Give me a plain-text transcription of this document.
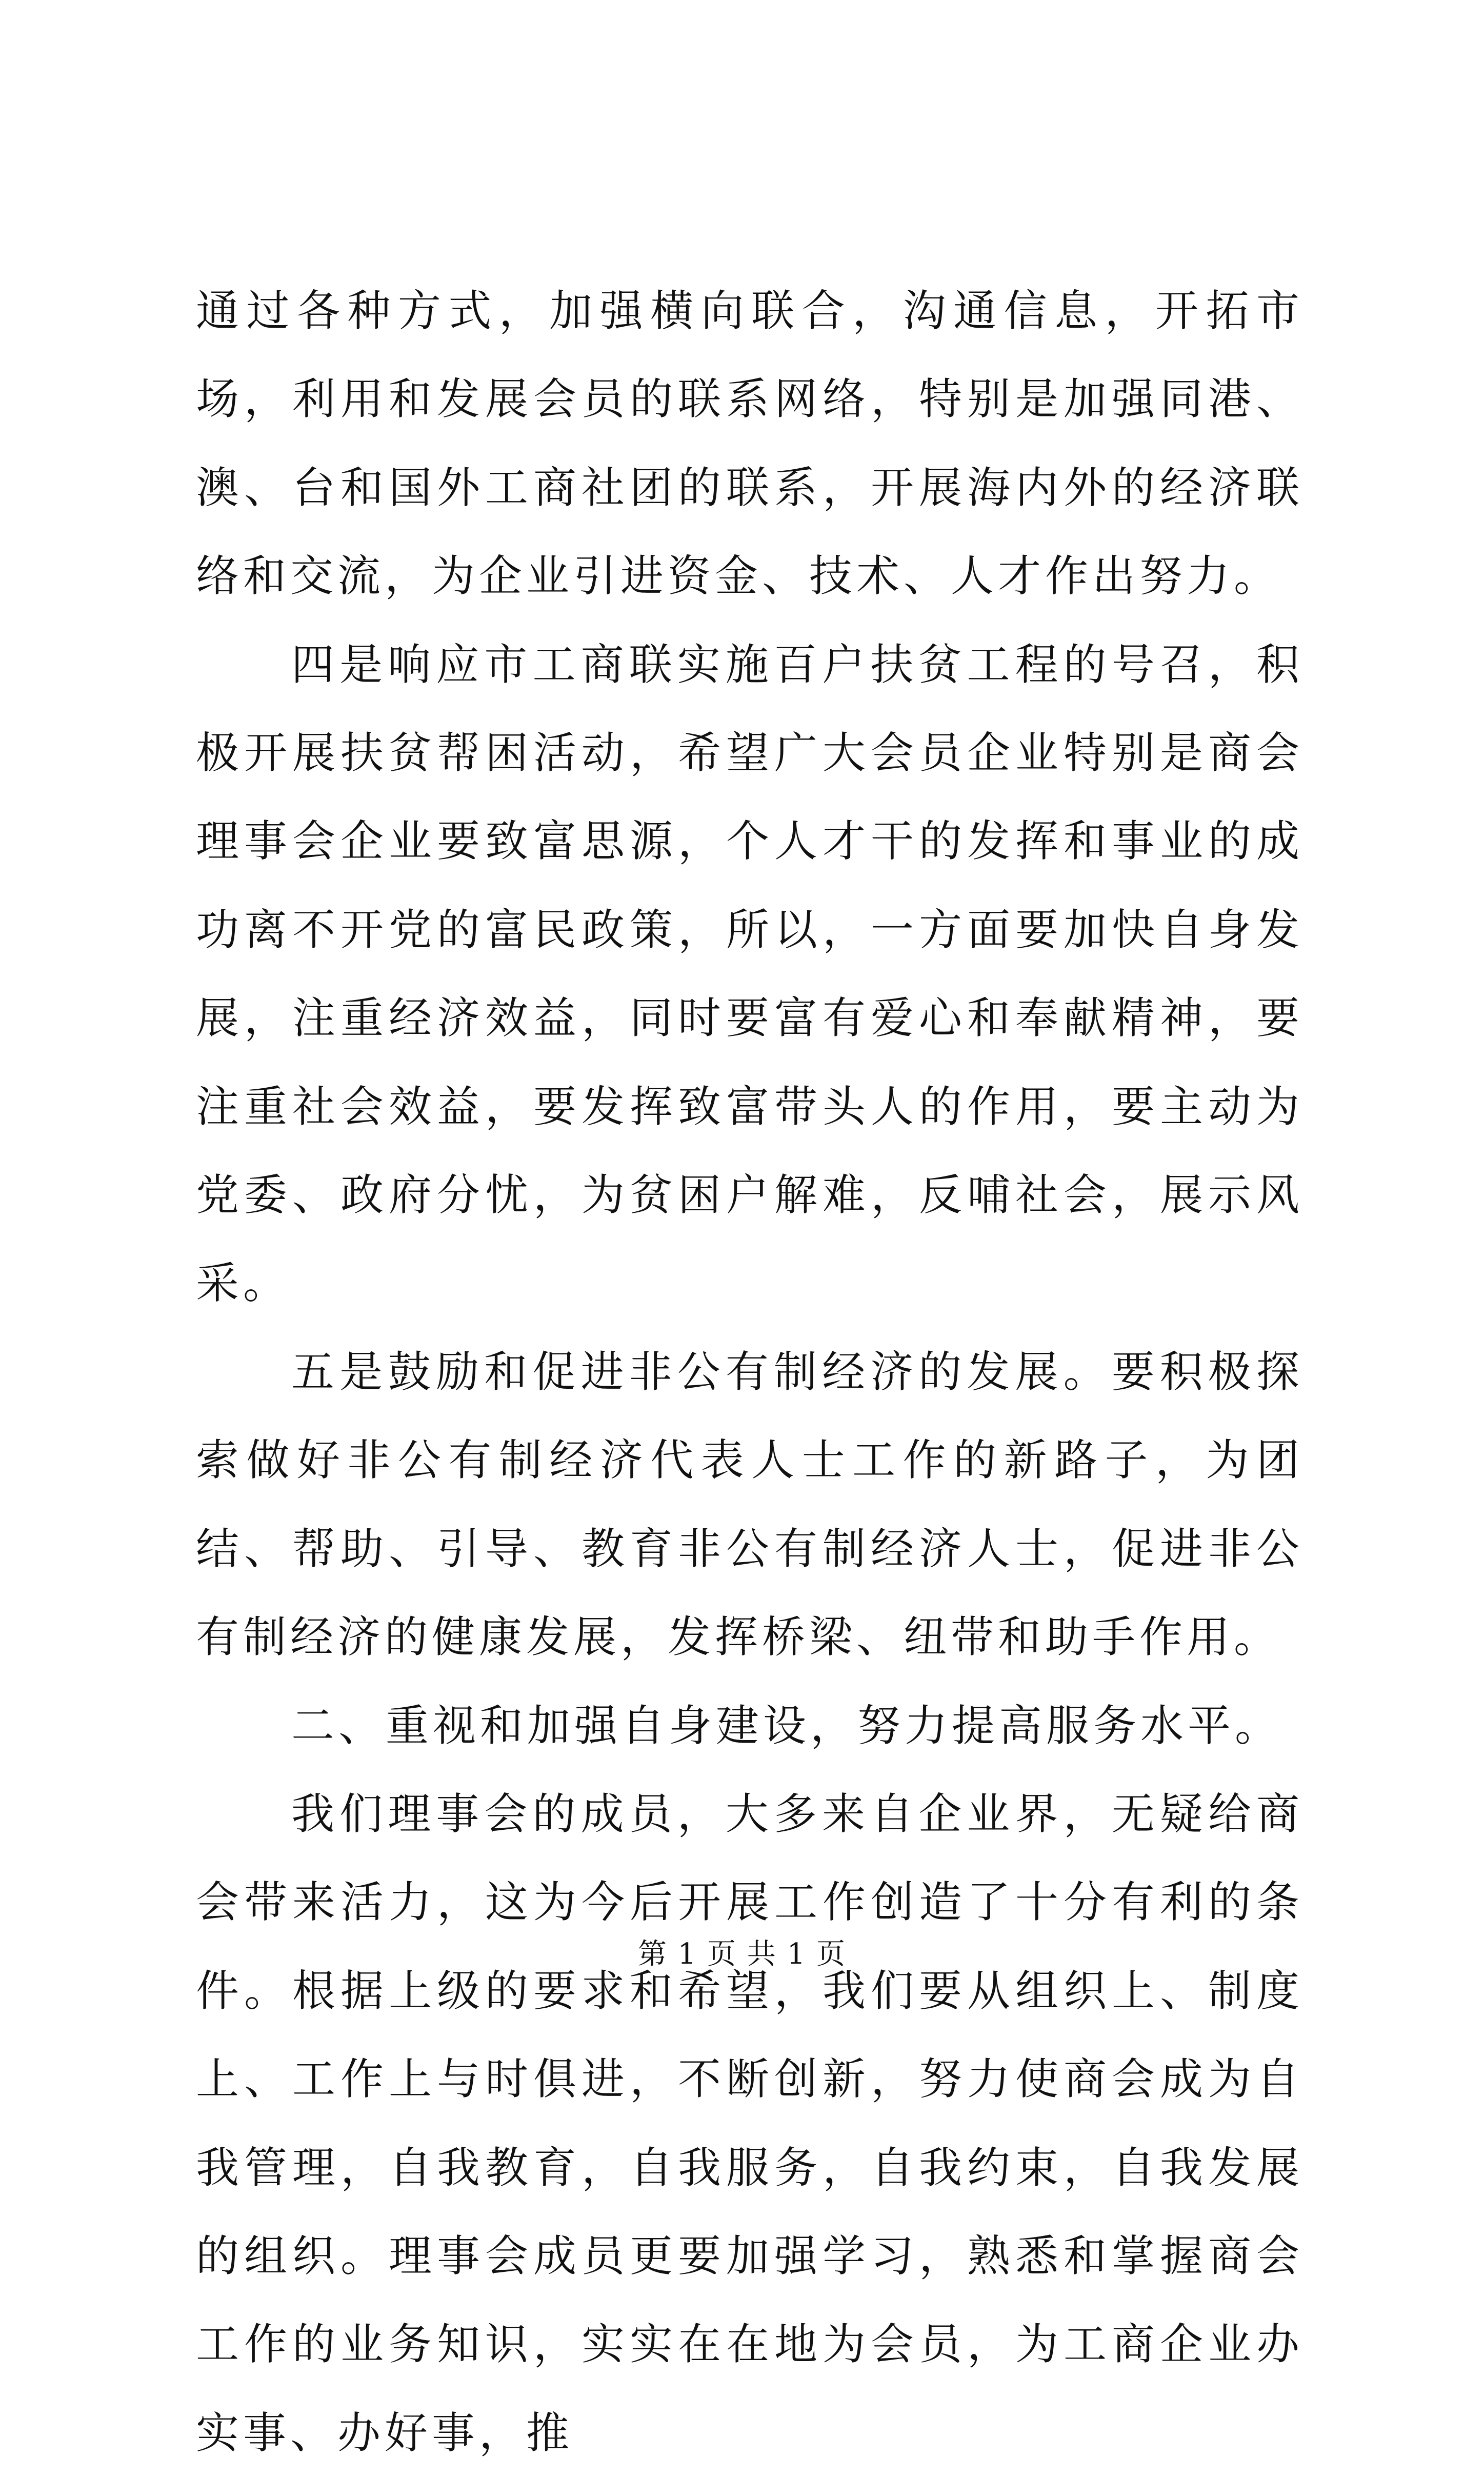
通过各种方式，加强横向联合，沟通信息，开拓市场，利用和发展会员的联系网络，特别是加强同港、澳、台和国外工商社团的联系，开展海内外的经济联络和交流，为企业引进资金、技术、人才作出努力。

四是响应市工商联实施百户扶贫工程的号召，积极开展扶贫帮困活动，希望广大会员企业特别是商会理事会企业要致富思源，个人才干的发挥和事业的成功离不开党的富民政策，所以，一方面要加快自身发展，注重经济效益，同时要富有爱心和奉献精神，要注重社会效益，要发挥致富带头人的作用，要主动为党委、政府分忧，为贫困户解难，反哺社会，展示风采。

五是鼓励和促进非公有制经济的发展。要积极探索做好非公有制经济代表人士工作的新路子，为团结、帮助、引导、教育非公有制经济人士，促进非公有制经济的健康发展，发挥桥梁、纽带和助手作用。

二、重视和加强自身建设，努力提高服务水平。

我们理事会的成员，大多来自企业界，无疑给商会带来活力，这为今后开展工作创造了十分有利的条件。根据上级的要求和希望，我们要从组织上、制度上、工作上与时俱进，不断创新，努力使商会成为自我管理，自我教育，自我服务，自我约束，自我发展的组织。理事会成员更要加强学习，熟悉和掌握商会工作的业务知识，实实在在地为会员，为工商企业办实事、办好事，推

第 1 页 共 1 页
